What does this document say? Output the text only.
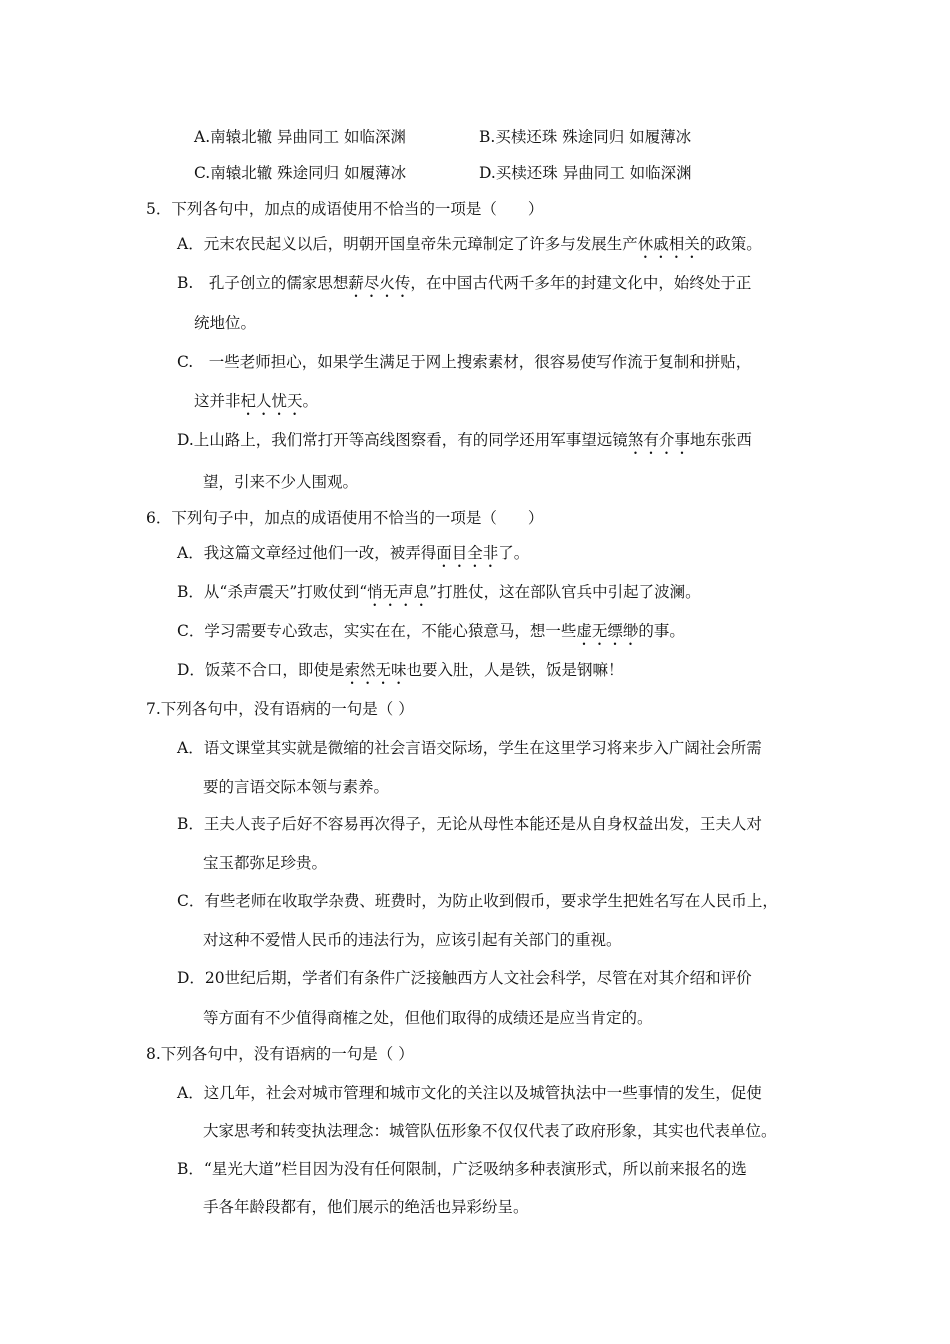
A.南辕北辙 异曲同工 如临深渊	B.买椟还珠 殊途同归 如履薄冰
C.南辕北辙 殊途同归 如履薄冰	D.买椟还珠 异曲同工 如临深渊
5．下列各句中，加点的成语使用不恰当的一项是（　　）
A．元末农民起义以后，明朝开国皇帝朱元璋制定了许多与发展生产休戚相关的政策。
B.　孔子创立的儒家思想薪尽火传，在中国古代两千多年的封建文化中，始终处于正
统地位。
C.　一些老师担心，如果学生满足于网上搜索素材，很容易使写作流于复制和拼贴，
这并非杞人忧天。
D.上山路上，我们常打开等高线图察看，有的同学还用军事望远镜煞有介事地东张西
望，引来不少人围观。
6．下列句子中，加点的成语使用不恰当的一项是（　　）
A．我这篇文章经过他们一改，被弄得面目全非了。
B．从“杀声震天”打败仗到“悄无声息”打胜仗，这在部队官兵中引起了波澜。
C．学习需要专心致志，实实在在，不能心猿意马，想一些虚无缥缈的事。
D．饭菜不合口，即使是索然无味也要入肚，人是铁，饭是钢嘛！
7.下列各句中，没有语病的一句是（ ）
A．语文课堂其实就是微缩的社会言语交际场，学生在这里学习将来步入广阔社会所需
要的言语交际本领与素养。
B．王夫人丧子后好不容易再次得子，无论从母性本能还是从自身权益出发，王夫人对
宝玉都弥足珍贵。
C．有些老师在收取学杂费、班费时，为防止收到假币，要求学生把姓名写在人民币上，
对这种不爱惜人民币的违法行为，应该引起有关部门的重视。
D．20世纪后期，学者们有条件广泛接触西方人文社会科学，尽管在对其介绍和评价
等方面有不少值得商榷之处，但他们取得的成绩还是应当肯定的。
8.下列各句中，没有语病的一句是（ ）
A．这几年，社会对城市管理和城市文化的关注以及城管执法中一些事情的发生，促使
大家思考和转变执法理念：城管队伍形象不仅仅代表了政府形象，其实也代表单位。
B．“星光大道”栏目因为没有任何限制，广泛吸纳多种表演形式，所以前来报名的选
手各年龄段都有，他们展示的绝活也异彩纷呈。
